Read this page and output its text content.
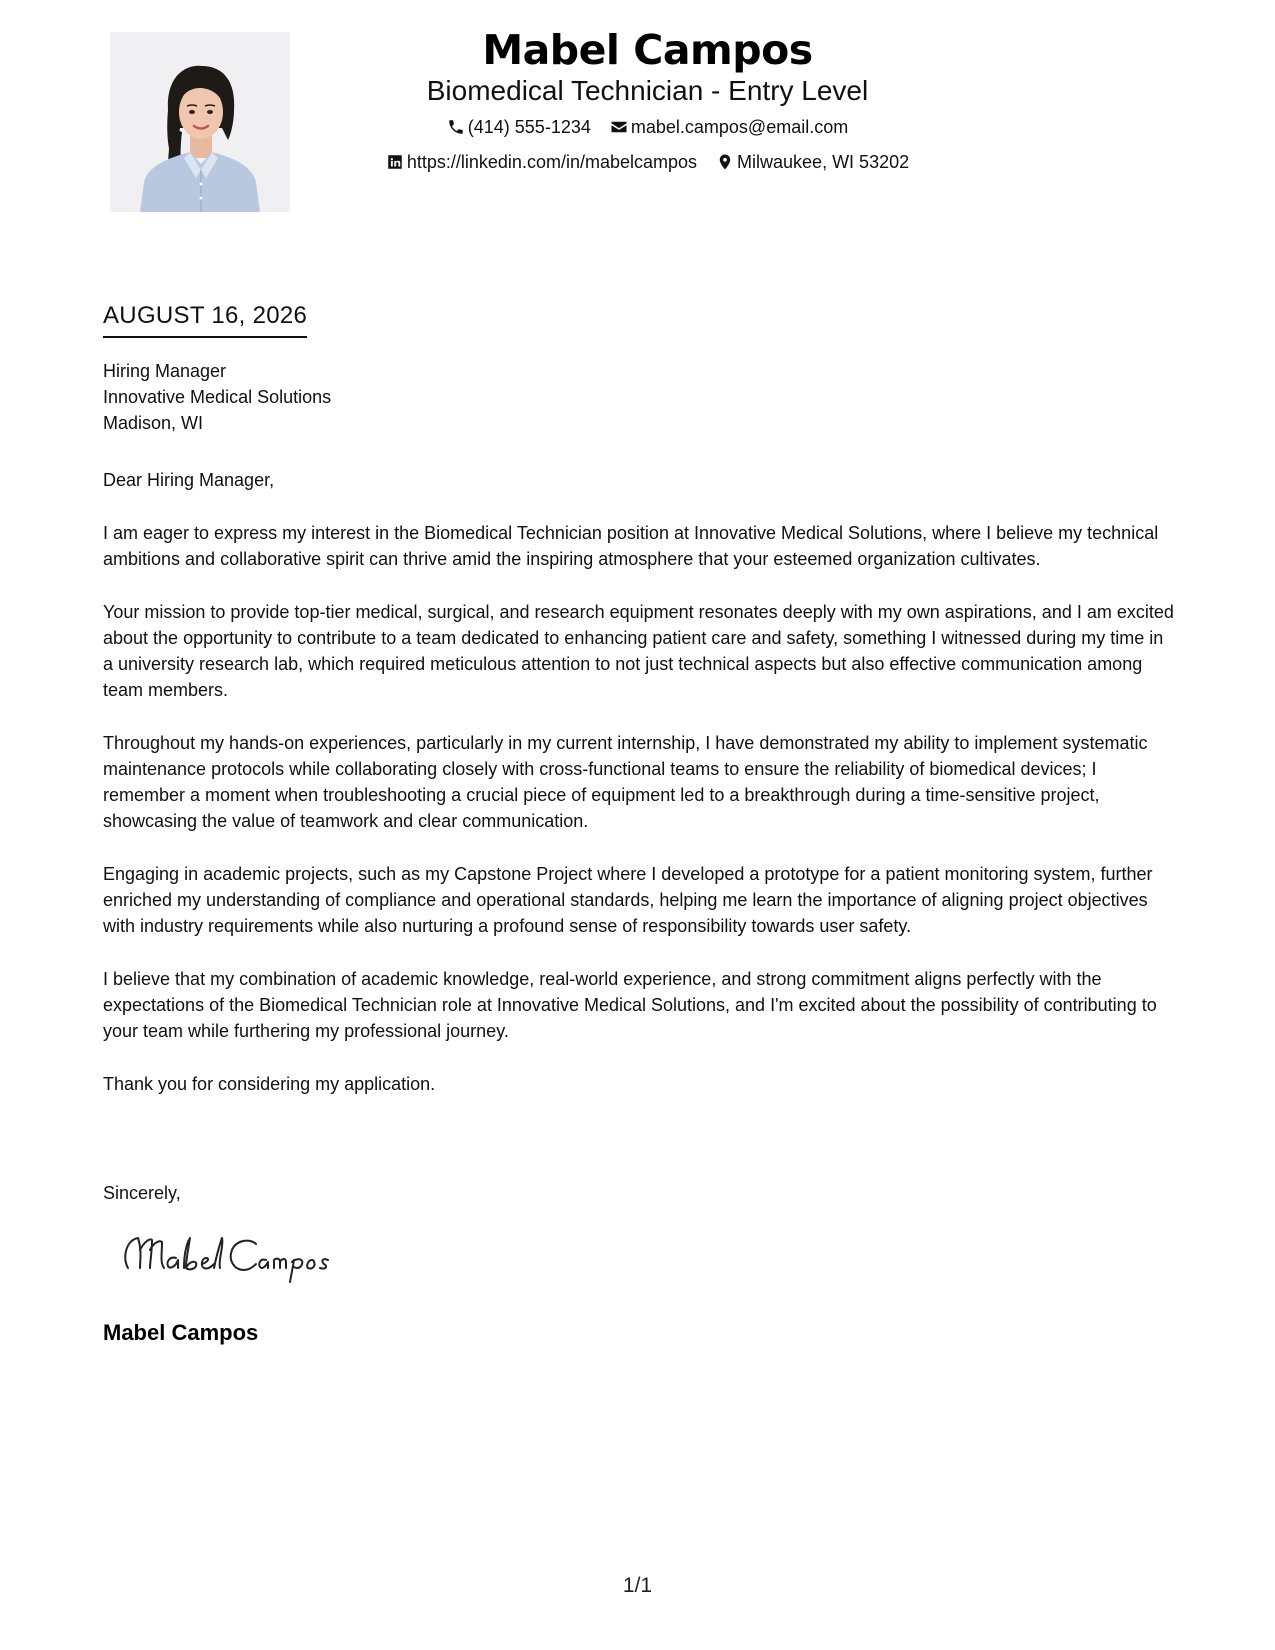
Mabel Campos
Biomedical Technician - Entry Level
(414) 555-1234
mabel.campos@email.com
https://linkedin.com/in/mabelcampos
Milwaukee, WI 53202
AUGUST 16, 2026
Hiring Manager
Innovative Medical Solutions
Madison, WI

Dear Hiring Manager,

I am eager to express my interest in the Biomedical Technician position at Innovative Medical Solutions, where I believe my technical ambitions and collaborative spirit can thrive amid the inspiring atmosphere that your esteemed organization cultivates.

Your mission to provide top-tier medical, surgical, and research equipment resonates deeply with my own aspirations, and I am excited about the opportunity to contribute to a team dedicated to enhancing patient care and safety, something I witnessed during my time in a university research lab, which required meticulous attention to not just technical aspects but also effective communication among team members.

Throughout my hands-on experiences, particularly in my current internship, I have demonstrated my ability to implement systematic maintenance protocols while collaborating closely with cross-functional teams to ensure the reliability of biomedical devices; I remember a moment when troubleshooting a crucial piece of equipment led to a breakthrough during a time-sensitive project, showcasing the value of teamwork and clear communication.

Engaging in academic projects, such as my Capstone Project where I developed a prototype for a patient monitoring system, further enriched my understanding of compliance and operational standards, helping me learn the importance of aligning project objectives with industry requirements while also nurturing a profound sense of responsibility towards user safety.

I believe that my combination of academic knowledge, real-world experience, and strong commitment aligns perfectly with the expectations of the Biomedical Technician role at Innovative Medical Solutions, and I'm excited about the possibility of contributing to your team while furthering my professional journey.

Thank you for considering my application.

Sincerely,
Mabel Campos
1/1
